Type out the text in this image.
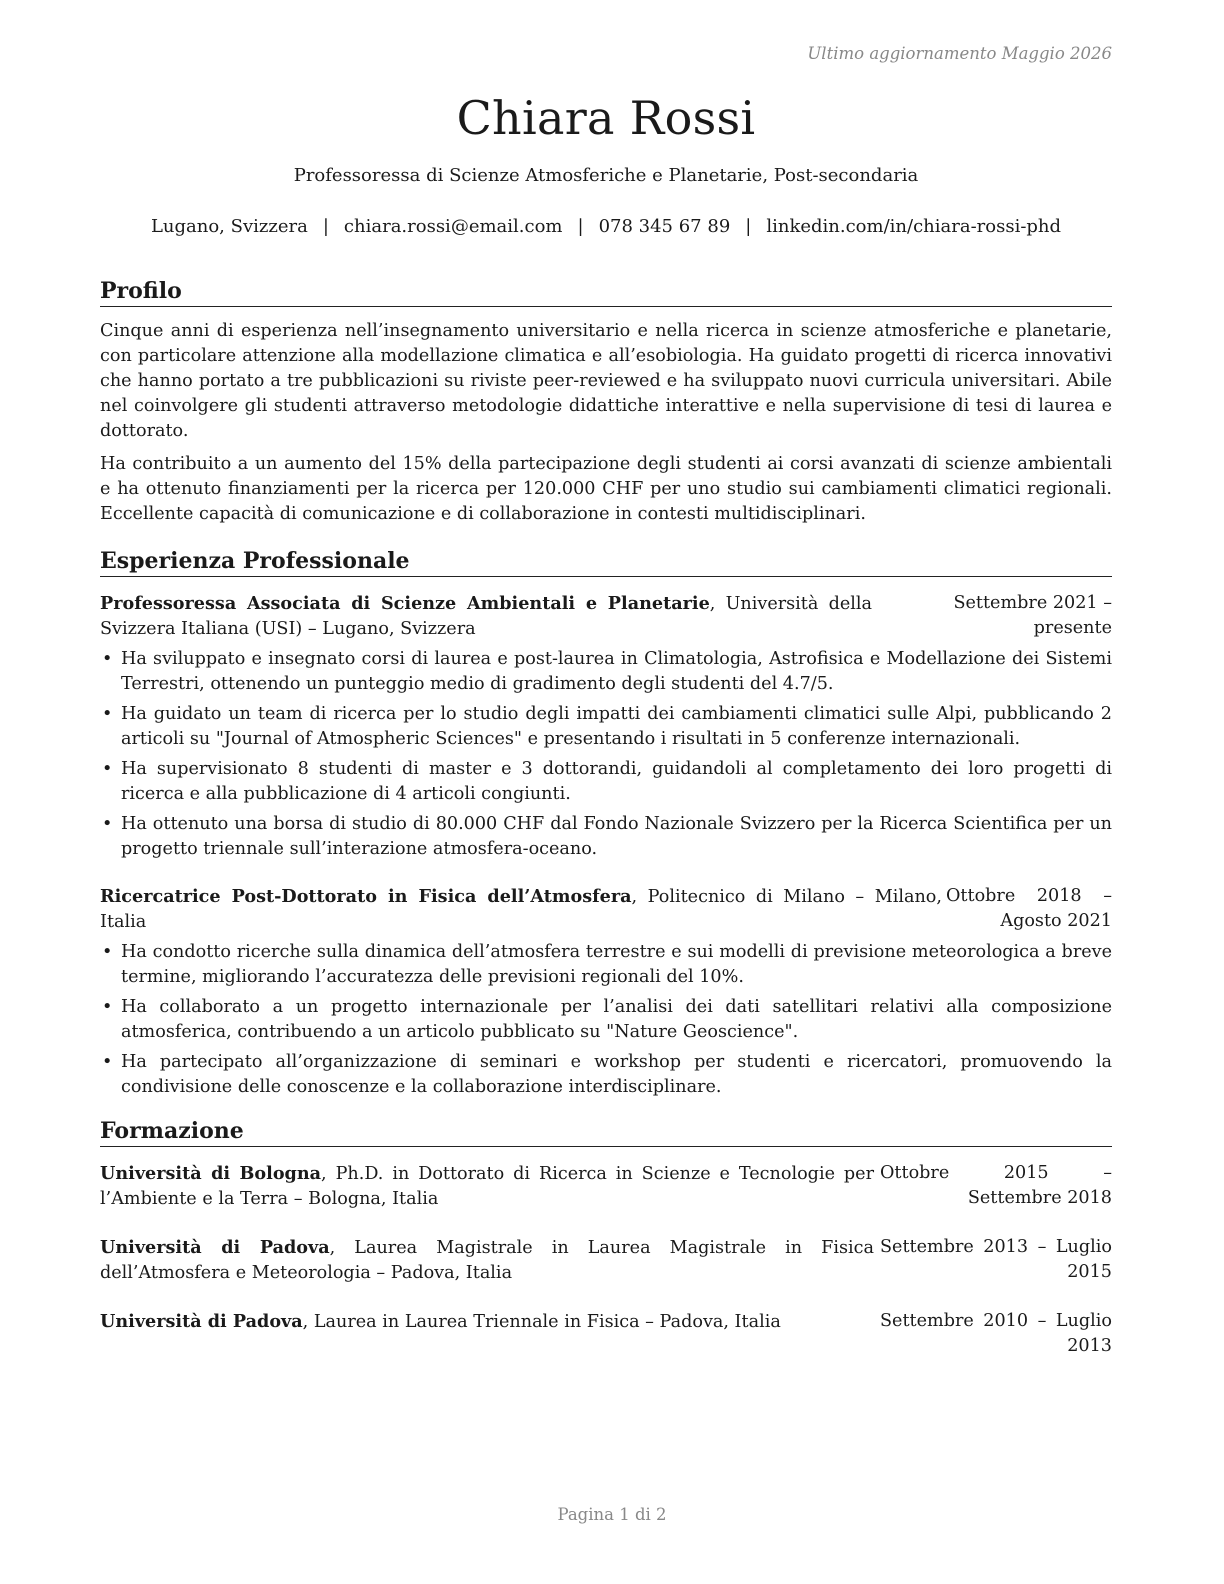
Ultimo aggiornamento Maggio 2026
Chiara Rossi
Professoressa di Scienze Atmosferiche e Planetarie, Post-secondaria
Lugano, Svizzera | chiara.rossi@email.com | 078 345 67 89 | linkedin.com/in/chiara-rossi-phd
Profilo

Cinque anni di esperienza nell’insegnamento universitario e nella ricerca in scienze atmosferiche e planetarie, con particolare attenzione alla modellazione climatica e all’esobiologia. Ha guidato progetti di ricerca innovativi che hanno portato a tre pubblicazioni su riviste peer-reviewed e ha sviluppato nuovi curricula universitari. Abile nel coinvolgere gli studenti attraverso metodologie didattiche interattive e nella supervisione di tesi di laurea e dottorato.

Ha contribuito a un aumento del 15% della partecipazione degli studenti ai corsi avanzati di scienze ambientali e ha ottenuto finanziamenti per la ricerca per 120.000 CHF per uno studio sui cambiamenti climatici regionali. Eccellente capacità di comunicazione e di collaborazione in contesti multidisciplinari.

Esperienza Professionale
Professoressa Associata di Scienze Ambientali e Planetarie, Università della Svizzera Italiana (USI) – Lugano, Svizzera
Settembre 2021 – presente
• Ha sviluppato e insegnato corsi di laurea e post-laurea in Climatologia, Astrofisica e Modellazione dei Sistemi Terrestri, ottenendo un punteggio medio di gradimento degli studenti del 4.7/5.
• Ha guidato un team di ricerca per lo studio degli impatti dei cambiamenti climatici sulle Alpi, pubblicando 2 articoli su "Journal of Atmospheric Sciences" e presentando i risultati in 5 conferenze internazionali.
• Ha supervisionato 8 studenti di master e 3 dottorandi, guidandoli al completamento dei loro progetti di ricerca e alla pubblicazione di 4 articoli congiunti.
• Ha ottenuto una borsa di studio di 80.000 CHF dal Fondo Nazionale Svizzero per la Ricerca Scientifica per un progetto triennale sull’interazione atmosfera-oceano.
Ricercatrice Post-Dottorato in Fisica dell’Atmosfera, Politecnico di Milano – Milano, Italia
Ottobre 2018 – Agosto 2021
• Ha condotto ricerche sulla dinamica dell’atmosfera terrestre e sui modelli di previsione meteorologica a breve termine, migliorando l’accuratezza delle previsioni regionali del 10%.
• Ha collaborato a un progetto internazionale per l’analisi dei dati satellitari relativi alla composizione atmosferica, contribuendo a un articolo pubblicato su "Nature Geoscience".
• Ha partecipato all’organizzazione di seminari e workshop per studenti e ricercatori, promuovendo la condivisione delle conoscenze e la collaborazione interdisciplinare.
Formazione
Università di Bologna, Ph.D. in Dottorato di Ricerca in Scienze e Tecnologie per l’Ambiente e la Terra – Bologna, Italia
Ottobre 2015 – Settembre 2018
Università di Padova, Laurea Magistrale in Laurea Magistrale in Fisica dell’Atmosfera e Meteorologia – Padova, Italia
Settembre 2013 – Luglio 2015
Università di Padova, Laurea in Laurea Triennale in Fisica – Padova, Italia	Settembre 2010 – Luglio 2013
Pagina 1 di 2
